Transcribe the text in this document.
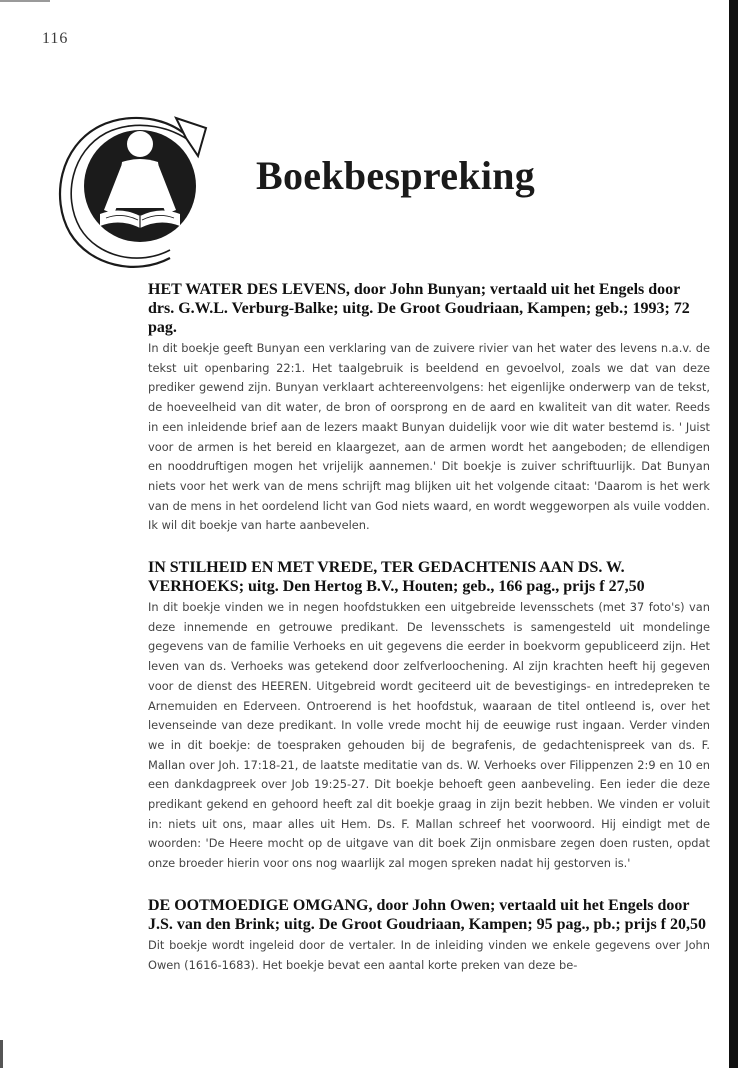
116
Boekbespreking

HET WATER DES LEVENS, door John Bunyan; vertaald uit het Engels door drs. G.W.L. Verburg-Balke; uitg. De Groot Goudriaan, Kampen; geb.; 1993; 72 pag.

In dit boekje geeft Bunyan een verklaring van de zuivere rivier van het water des levens n.a.v. de tekst uit openbaring 22:1. Het taalgebruik is beeldend en gevoelvol, zoals we dat van deze prediker gewend zijn. Bunyan verklaart achtereenvolgens: het eigenlijke onderwerp van de tekst, de hoeveelheid van dit water, de bron of oorsprong en de aard en kwaliteit van dit water. Reeds in een inleidende brief aan de lezers maakt Bunyan duidelijk voor wie dit water bestemd is. ' Juist voor de armen is het bereid en klaargezet, aan de armen wordt het aangeboden; de ellendigen en nooddruftigen mogen het vrijelijk aannemen.' Dit boekje is zuiver schriftuurlijk. Dat Bunyan niets voor het werk van de mens schrijft mag blijken uit het volgende citaat: 'Daarom is het werk van de mens in het oordelend licht van God niets waard, en wordt weggeworpen als vuile vodden. Ik wil dit boekje van harte aanbevelen.

IN STILHEID EN MET VREDE, TER GEDACHTENIS AAN DS. W. VERHOEKS; uitg. Den Hertog B.V., Houten; geb., 166 pag., prijs f 27,50

In dit boekje vinden we in negen hoofdstukken een uitgebreide levensschets (met 37 foto's) van deze innemende en getrouwe predikant. De levensschets is samengesteld uit mondelinge gegevens van de familie Verhoeks en uit gegevens die eerder in boekvorm gepubliceerd zijn. Het leven van ds. Verhoeks was getekend door zelfverloochening. Al zijn krachten heeft hij gegeven voor de dienst des HEEREN. Uitgebreid wordt geciteerd uit de bevestigings- en intredepreken te Arnemuiden en Ederveen. Ontroerend is het hoofdstuk, waaraan de titel ontleend is, over het levenseinde van deze predikant. In volle vrede mocht hij de eeuwige rust ingaan. Verder vinden we in dit boekje: de toespraken gehouden bij de begrafenis, de gedachtenispreek van ds. F. Mallan over Joh. 17:18-21, de laatste meditatie van ds. W. Verhoeks over Filippenzen 2:9 en 10 en een dankdagpreek over Job 19:25-27. Dit boekje behoeft geen aanbeveling. Een ieder die deze predikant gekend en gehoord heeft zal dit boekje graag in zijn bezit hebben. We vinden er voluit in: niets uit ons, maar alles uit Hem. Ds. F. Mallan schreef het voorwoord. Hij eindigt met de woorden: 'De Heere mocht op de uitgave van dit boek Zijn onmisbare zegen doen rusten, opdat onze broeder hierin voor ons nog waarlijk zal mogen spreken nadat hij gestorven is.'

DE OOTMOEDIGE OMGANG, door John Owen; vertaald uit het Engels door J.S. van den Brink; uitg. De Groot Goudriaan, Kampen; 95 pag., pb.; prijs f 20,50

Dit boekje wordt ingeleid door de vertaler. In de inleiding vinden we enkele gegevens over John Owen (1616-1683). Het boekje bevat een aantal korte preken van deze be-
